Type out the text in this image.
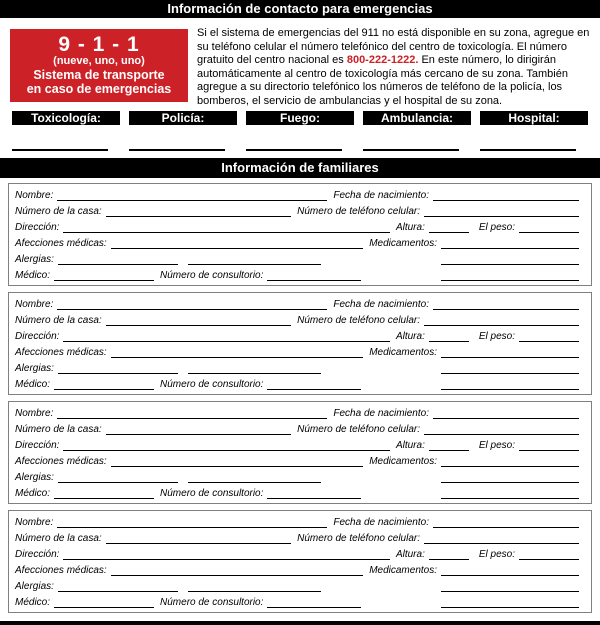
Información de contacto para emergencias
9 - 1 - 1
(nueve, uno, uno)
Sistema de transporte
en caso de emergencias
Si el sistema de emergencias del 911 no está disponible en su zona, agregue en su teléfono celular el número telefónico del centro de toxicología. El número gratuito del centro nacional es 800-222-1222. En este número, lo dirigirán automáticamente al centro de toxicología más cercano de su zona. También agregue a su directorio telefónico los números de teléfono de la policía, los bomberos, el servicio de ambulancias y el hospital de su zona.
Toxicología:	Policía:	Fuego:	Ambulancia:	Hospital:
Información de familiares
Nombre:	Fecha de nacimiento:
Número de la casa:	Número de teléfono celular:
Dirección:	Altura:	El peso:
Afecciones médicas:	Medicamentos:
Alergias:
Médico:	Número de consultorio:
Nombre:	Fecha de nacimiento:
Número de la casa:	Número de teléfono celular:
Dirección:	Altura:	El peso:
Afecciones médicas:	Medicamentos:
Alergias:
Médico:	Número de consultorio:
Nombre:	Fecha de nacimiento:
Número de la casa:	Número de teléfono celular:
Dirección:	Altura:	El peso:
Afecciones médicas:	Medicamentos:
Alergias:
Médico:	Número de consultorio:
Nombre:	Fecha de nacimiento:
Número de la casa:	Número de teléfono celular:
Dirección:	Altura:	El peso:
Afecciones médicas:	Medicamentos:
Alergias:
Médico:	Número de consultorio:
